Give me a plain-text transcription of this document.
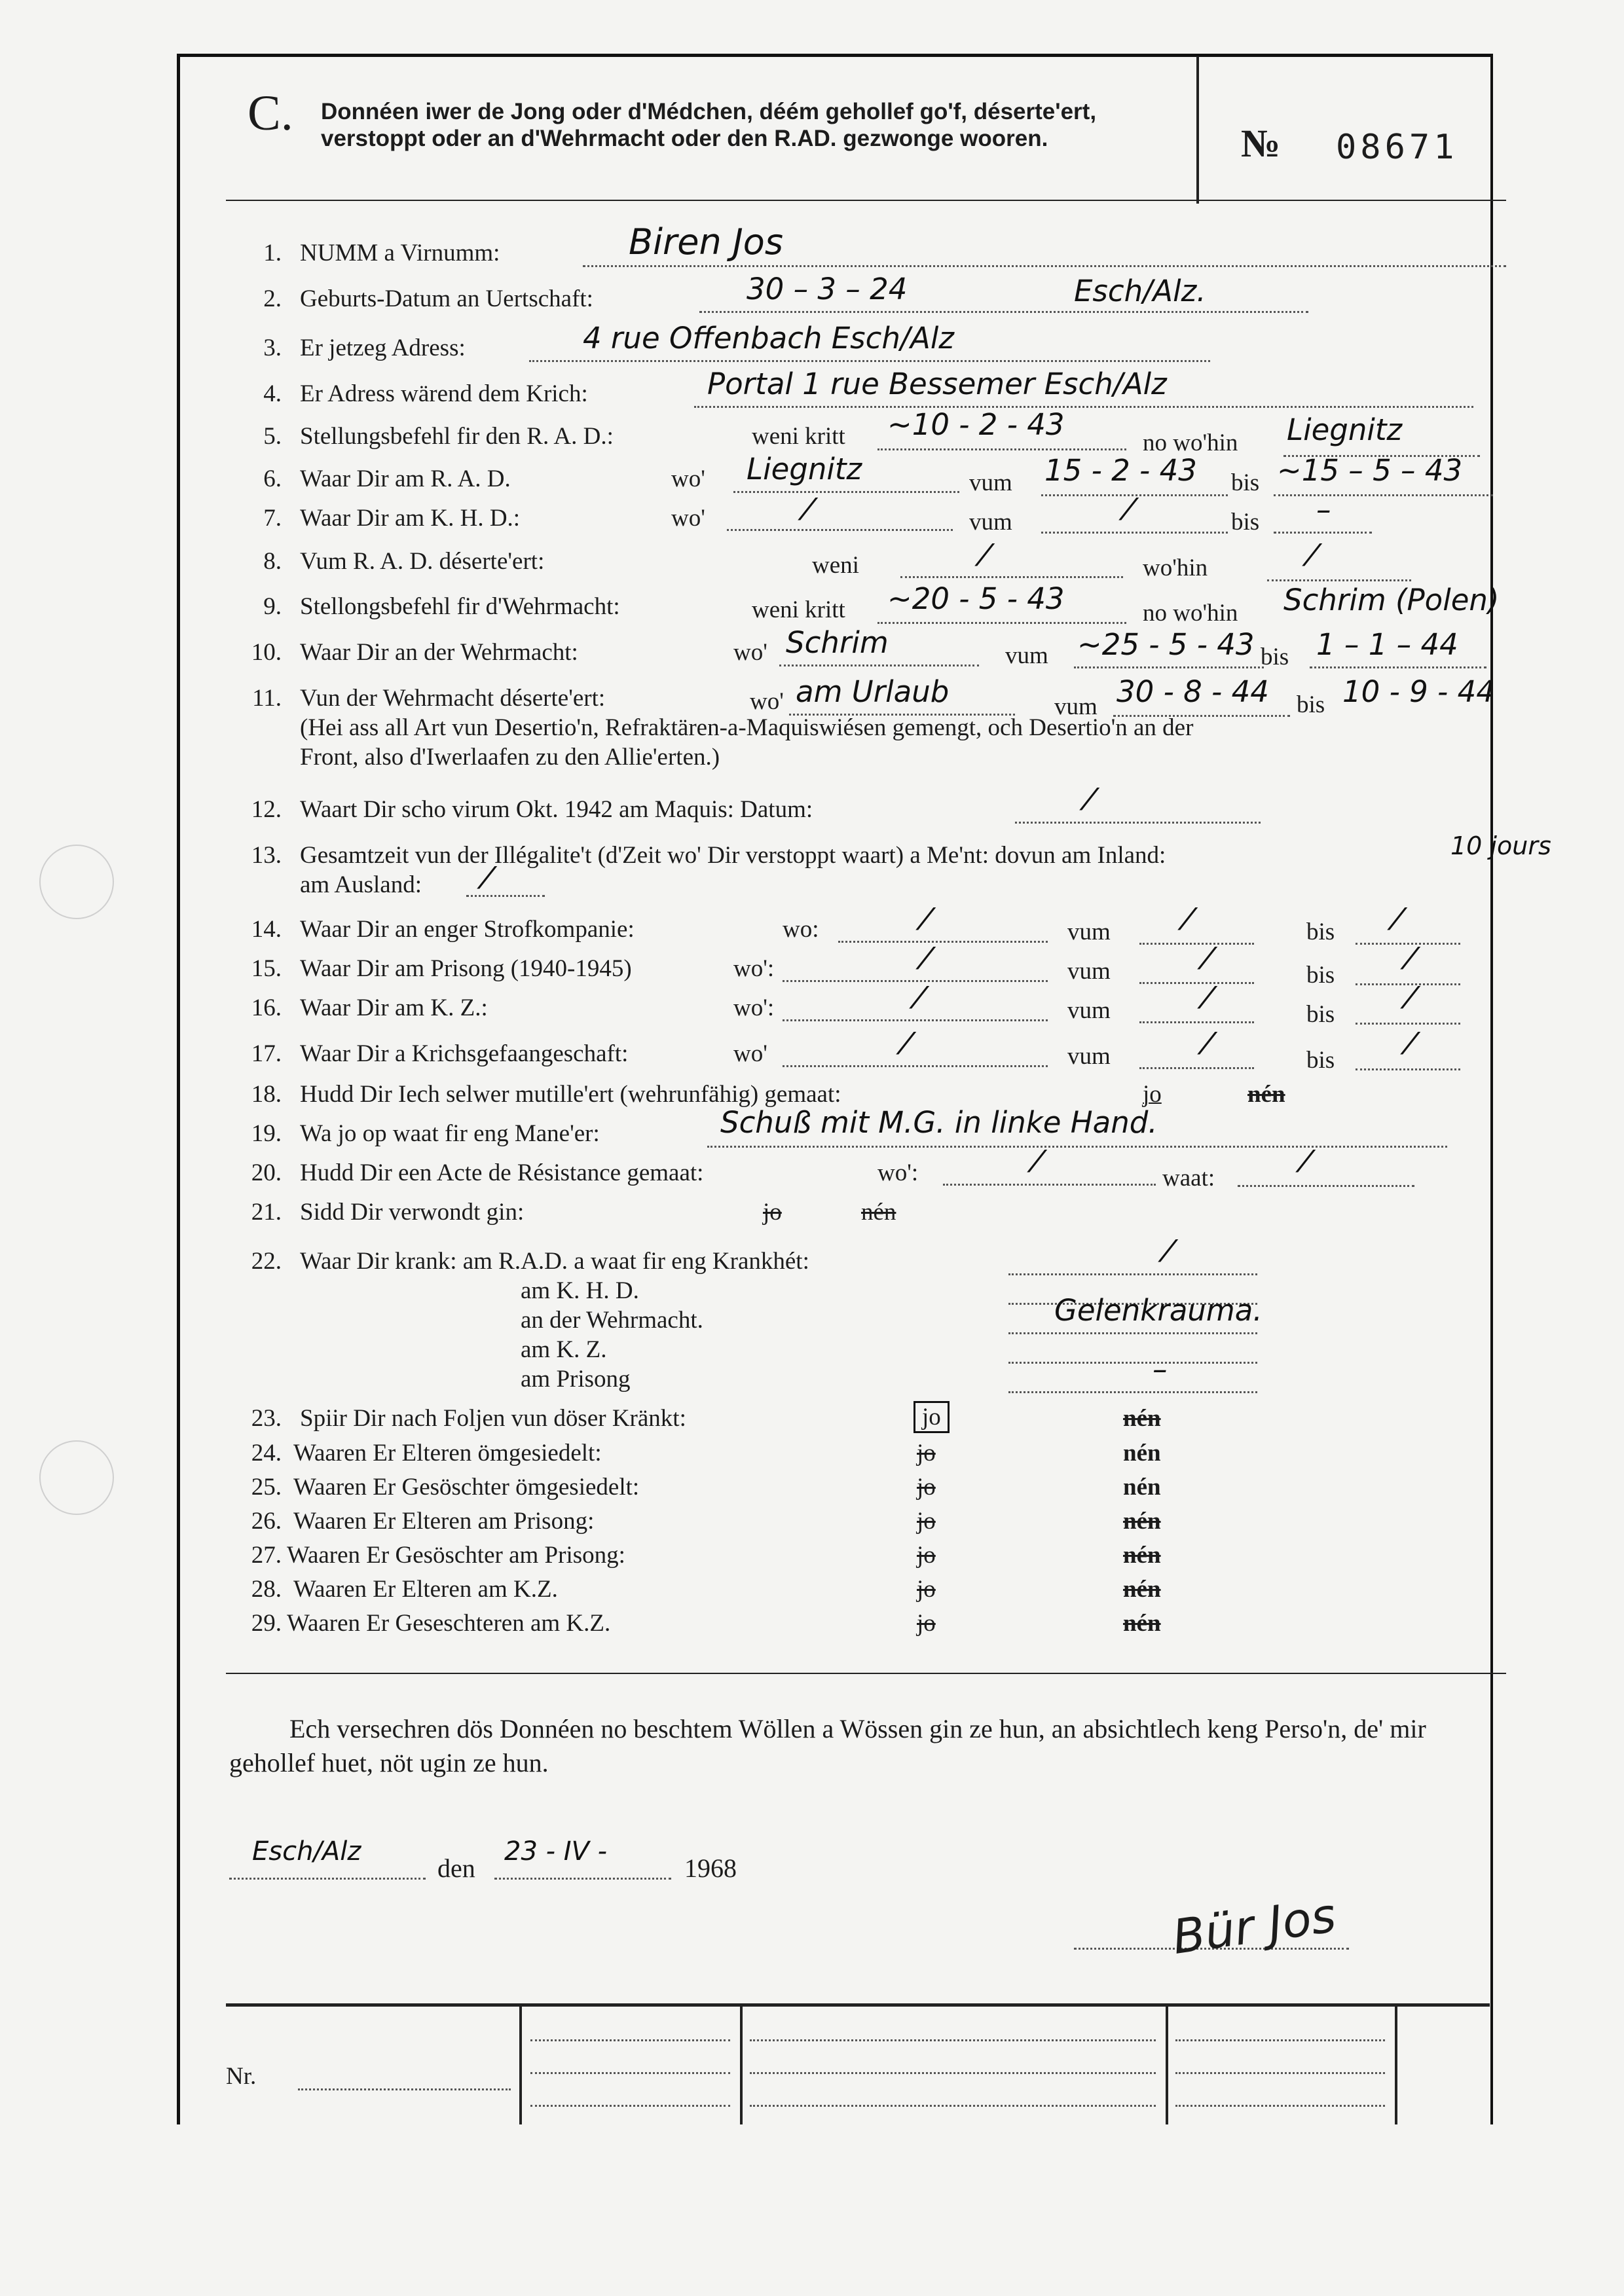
C. Donnéen iwer de Jong oder d'Médchen, déém gehollef go'f, déserte'ert, verstoppt oder an d'Wehrmacht oder den R.AD. gezwonge wooren.	№ 08671
1. NUMM a Virnumm:	Biren Jos
2. Geburts-Datum an Uertschaft:	30 – 3 – 24	Esch/Alz.
3. Er jetzeg Adress:	4 rue Offenbach Esch/Alz
4. Er Adress wärend dem Krich:	Portal 1 rue Bessemer Esch/Alz
5. Stellungsbefehl fir den R. A. D.:	weni kritt ~10 - 2 - 43
no wo'hin Liegnitz
6. Waar Dir am R. A. D.	wo' Liegnitz	vum 15 - 2 - 43 bis ~15 – 5 – 43
7. Waar Dir am K. H. D.:	wo'	⁄	vum	⁄	bis –
8. Vum R. A. D. déserte'ert:	weni	⁄	wo'hin	⁄
9. Stellongsbefehl fir d'Wehrmacht:	weni kritt ~20 - 5 - 43	no wo'hin Schrim (Polen)
10. Waar Dir an der Wehrmacht:	wo' Schrim	vum ~25 - 5 - 43 bis 1 – 1 – 44
11. Vun der Wehrmacht déserte'ert:	wo' am Urlaub	vum 30 - 8 - 44 bis 10 - 9 - 44
(Hei ass all Art vun Desertio'n, Refraktären-a-Maquiswiésen gemengt, och Desertio'n an der
Front, also d'Iwerlaafen zu den Allie'erten.)
12. Waart Dir scho virum Okt. 1942 am Maquis: Datum:	⁄
13. Gesamtzeit vun der Illégalite't (d'Zeit wo' Dir verstoppt waart) a Me'nt: dovun am Inland:	10 jours
am Ausland: ⁄
14. Waar Dir an enger Strofkompanie:	wo:	⁄	vum	⁄	bis ⁄
15. Waar Dir am Prisong (1940-1945)	wo':	⁄	vum	⁄	bis ⁄
16. Waar Dir am K. Z.:	wo':	⁄	vum	⁄	bis ⁄
17. Waar Dir a Krichsgefaangeschaft:	wo'	⁄	vum	⁄	bis ⁄
18. Hudd Dir Iech selwer mutille'ert (wehrunfähig) gemaat:	jo	nén
19. Wa jo op waat fir eng Mane'er:	Schuß mit M.G. in linke Hand.
20. Hudd Dir een Acte de Résistance gemaat:	wo':	⁄	waat:	⁄
21. Sidd Dir verwondt gin:	jo	nén
22. Waar Dir krank: am R.A.D. a waat fir eng Krankhét:	⁄
am K. H. D.
an der Wehrmacht.	Gelenkrauma.
am K. Z.
am Prisong	–
23. Spiir Dir nach Foljen vun döser Kränkt:	jo	nén
24. Waaren Er Elteren ömgesiedelt:	jo	nén
25. Waaren Er Gesöschter ömgesiedelt:	jo	nén
26. Waaren Er Elteren am Prisong:	jo	nén
27. Waaren Er Gesöschter am Prisong:	jo	nén
28. Waaren Er Elteren am K.Z.	jo	nén
29. Waaren Er Geseschteren am K.Z.	jo	nén
Ech versechren dös Donnéen no beschtem Wöllen a Wössen gin ze hun, an absichtlech keng Perso'n, de' mir gehollef huet, nöt ugin ze hun.
Esch/Alz
den
23 - IV -
1968
Bür Jos
Nr.
